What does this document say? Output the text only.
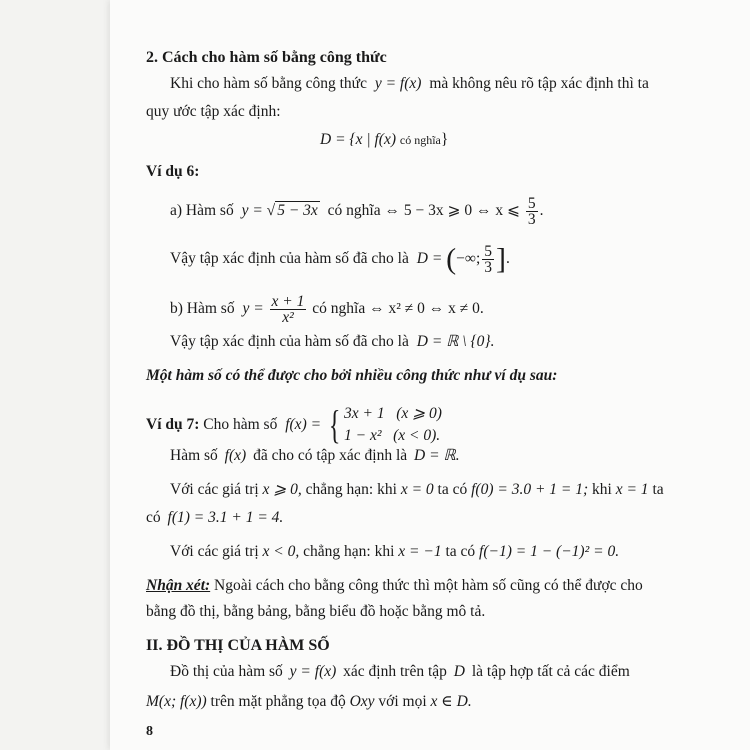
2. Cách cho hàm số bằng công thức
Khi cho hàm số bằng công thức y = f(x) mà không nêu rõ tập xác định thì ta
quy ước tập xác định:
D = {x | f(x) có nghĩa}
Ví dụ 6:
a) Hàm số y = √ 5 − 3x có nghĩa ⇔ 5 − 3x ⩾ 0 ⇔ x ⩽ $\frac{5}{3}$ .
Vậy tập xác định của hàm số đã cho là D = (−∞; $\frac{5}{3}$ ].
b) Hàm số $y = \frac{x + 1}{\text{x²}}$ có nghĩa ⇔ x² ≠ 0 ⇔ x ≠ 0.
Vậy tập xác định của hàm số đã cho là D = ℝ \ {0}.
Một hàm số có thể được cho bởi nhiều công thức như ví dụ sau:
Ví dụ 7: Cho hàm số f(x) = { 3x + 1 (x ⩾ 0)
1 − x² (x < 0).
Hàm số f(x) đã cho có tập xác định là D = ℝ.
Với các giá trị x ⩾ 0, chẳng hạn: khi x = 0 ta có f(0) = 3.0 + 1 = 1; khi x = 1 ta
có f(1) = 3.1 + 1 = 4.
Với các giá trị x < 0, chẳng hạn: khi x = −1 ta có f(−1) = 1 − (−1)² = 0.
Nhận xét: Ngoài cách cho bằng công thức thì một hàm số cũng có thể được cho
bằng đồ thị, bằng bảng, bằng biểu đồ hoặc bằng mô tả.
II. ĐỒ THỊ CỦA HÀM SỐ
Đồ thị của hàm số y = f(x) xác định trên tập D là tập hợp tất cả các điểm
M(x; f(x)) trên mặt phẳng tọa độ Oxy với mọi x ∈ D.
8
